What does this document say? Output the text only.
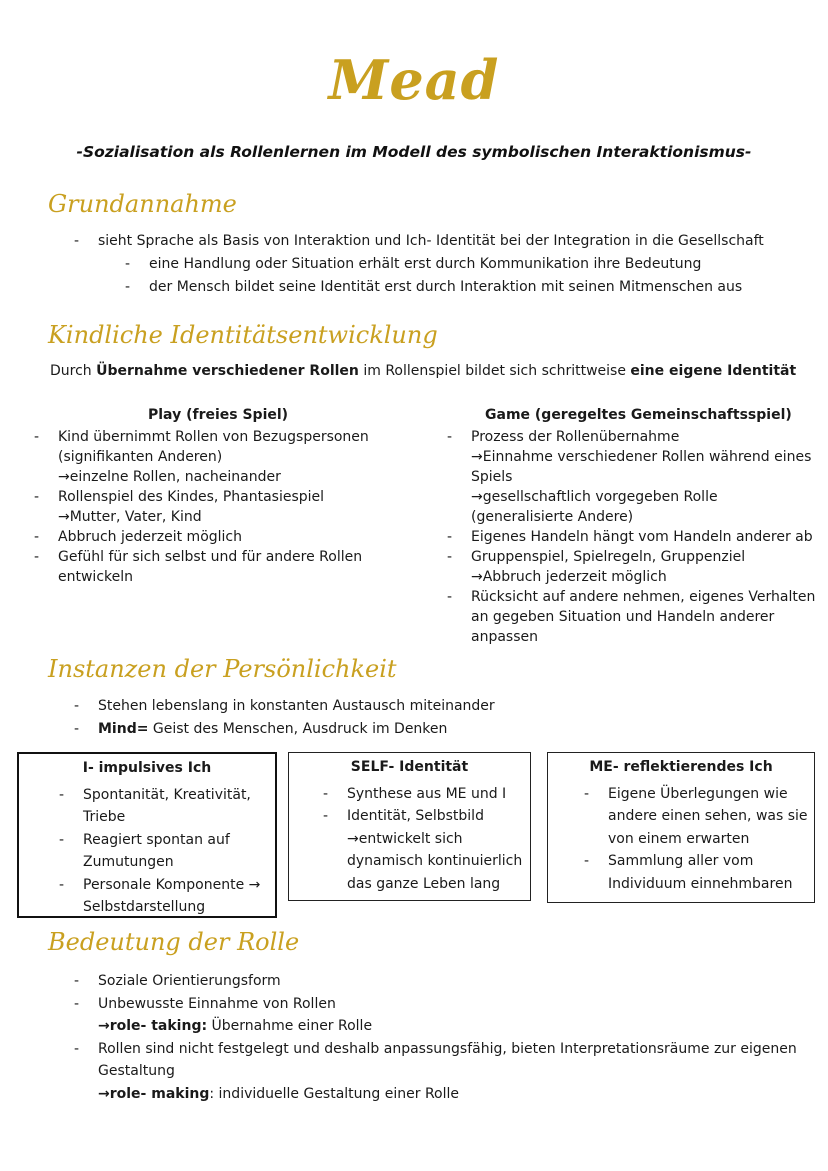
Mead
-Sozialisation als Rollenlernen im Modell des symbolischen Interaktionismus-
Grundannahme
- sieht Sprache als Basis von Interaktion und Ich- Identität bei der Integration in die Gesellschaft
- eine Handlung oder Situation erhält erst durch Kommunikation ihre Bedeutung
- der Mensch bildet seine Identität erst durch Interaktion mit seinen Mitmenschen aus
Kindliche Identitätsentwicklung
Durch Übernahme verschiedener Rollen im Rollenspiel bildet sich schrittweise eine eigene Identität
Play (freies Spiel)
- Kind übernimmt Rollen von Bezugspersonen
(signifikanten Anderen)
→einzelne Rollen, nacheinander
- Rollenspiel des Kindes, Phantasiespiel
→Mutter, Vater, Kind
- Abbruch jederzeit möglich
- Gefühl für sich selbst und für andere Rollen
entwickeln
Game (geregeltes Gemeinschaftsspiel)
- Prozess der Rollenübernahme
→Einnahme verschiedener Rollen während eines
Spiels
→gesellschaftlich vorgegeben Rolle
(generalisierte Andere)
- Eigenes Handeln hängt vom Handeln anderer ab
- Gruppenspiel, Spielregeln, Gruppenziel
→Abbruch jederzeit möglich
- Rücksicht auf andere nehmen, eigenes Verhalten
an gegeben Situation und Handeln anderer
anpassen
Instanzen der Persönlichkeit
- Stehen lebenslang in konstanten Austausch miteinander
- Mind= Geist des Menschen, Ausdruck im Denken
I- impulsives Ich
- Spontanität, Kreativität,
Triebe
- Reagiert spontan auf
Zumutungen
- Personale Komponente →
Selbstdarstellung
SELF- Identität
- Synthese aus ME und I
- Identität, Selbstbild
→entwickelt sich
dynamisch kontinuierlich
das ganze Leben lang
ME- reflektierendes Ich
- Eigene Überlegungen wie
andere einen sehen, was sie
von einem erwarten
- Sammlung aller vom
Individuum einnehmbaren
Bedeutung der Rolle
- Soziale Orientierungsform
- Unbewusste Einnahme von Rollen
→role- taking: Übernahme einer Rolle
- Rollen sind nicht festgelegt und deshalb anpassungsfähig, bieten Interpretationsräume zur eigenen
Gestaltung
→role- making: individuelle Gestaltung einer Rolle
